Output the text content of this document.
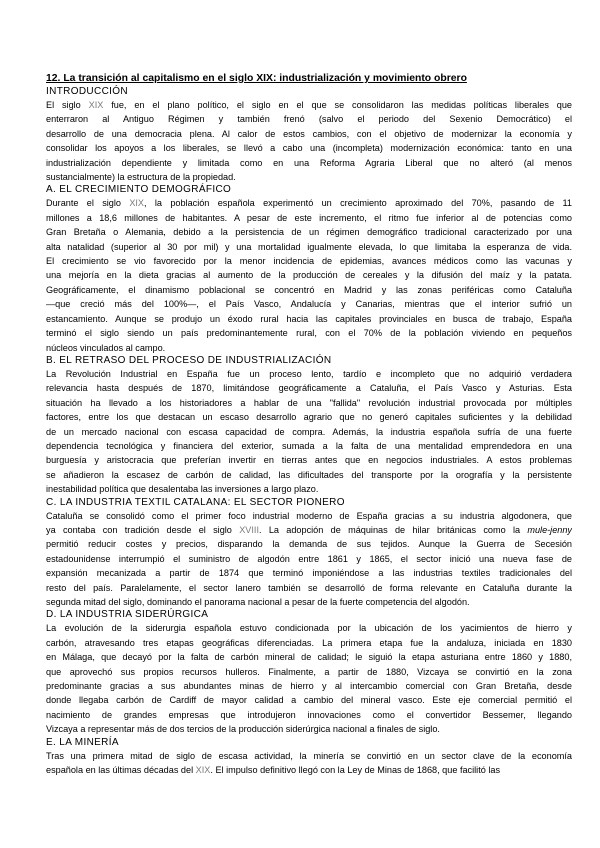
12. La transición al capitalismo en el siglo XIX: industrialización y movimiento obrero
INTRODUCCIÓN
El siglo XIX fue, en el plano político, el siglo en el que se consolidaron las medidas políticas liberales que
enterraron al Antiguo Régimen y también frenó (salvo el periodo del Sexenio Democrático) el
desarrollo de una democracia plena. Al calor de estos cambios, con el objetivo de modernizar la economía y
consolidar los apoyos a los liberales, se llevó a cabo una (incompleta) modernización económica: tanto en una
industrialización dependiente y limitada como en una Reforma Agraria Liberal que no alteró (al menos
sustancialmente) la estructura de la propiedad.
A. EL CRECIMIENTO DEMOGRÁFICO
Durante el siglo XIX, la población española experimentó un crecimiento aproximado del 70%, pasando de 11
millones a 18,6 millones de habitantes. A pesar de este incremento, el ritmo fue inferior al de potencias como
Gran Bretaña o Alemania, debido a la persistencia de un régimen demográfico tradicional caracterizado por una
alta natalidad (superior al 30 por mil) y una mortalidad igualmente elevada, lo que limitaba la esperanza de vida.
El crecimiento se vio favorecido por la menor incidencia de epidemias, avances médicos como las vacunas y
una mejoría en la dieta gracias al aumento de la producción de cereales y la difusión del maíz y la patata.
Geográficamente, el dinamismo poblacional se concentró en Madrid y las zonas periféricas como Cataluña
—que creció más del 100%—, el País Vasco, Andalucía y Canarias, mientras que el interior sufrió un
estancamiento. Aunque se produjo un éxodo rural hacia las capitales provinciales en busca de trabajo, España
terminó el siglo siendo un país predominantemente rural, con el 70% de la población viviendo en pequeños
núcleos vinculados al campo.
B. EL RETRASO DEL PROCESO DE INDUSTRIALIZACIÓN
La Revolución Industrial en España fue un proceso lento, tardío e incompleto que no adquirió verdadera
relevancia hasta después de 1870, limitándose geográficamente a Cataluña, el País Vasco y Asturias. Esta
situación ha llevado a los historiadores a hablar de una "fallida" revolución industrial provocada por múltiples
factores, entre los que destacan un escaso desarrollo agrario que no generó capitales suficientes y la debilidad
de un mercado nacional con escasa capacidad de compra. Además, la industria española sufría de una fuerte
dependencia tecnológica y financiera del exterior, sumada a la falta de una mentalidad emprendedora en una
burguesía y aristocracia que preferían invertir en tierras antes que en negocios industriales. A estos problemas
se añadieron la escasez de carbón de calidad, las dificultades del transporte por la orografía y la persistente
inestabilidad política que desalentaba las inversiones a largo plazo.
C. LA INDUSTRIA TEXTIL CATALANA: EL SECTOR PIONERO
Cataluña se consolidó como el primer foco industrial moderno de España gracias a su industria algodonera, que
ya contaba con tradición desde el siglo XVIII. La adopción de máquinas de hilar británicas como la mule-jenny
permitió reducir costes y precios, disparando la demanda de sus tejidos. Aunque la Guerra de Secesión
estadounidense interrumpió el suministro de algodón entre 1861 y 1865, el sector inició una nueva fase de
expansión mecanizada a partir de 1874 que terminó imponiéndose a las industrias textiles tradicionales del
resto del país. Paralelamente, el sector lanero también se desarrolló de forma relevante en Cataluña durante la
segunda mitad del siglo, dominando el panorama nacional a pesar de la fuerte competencia del algodón.
D. LA INDUSTRIA SIDERÚRGICA
La evolución de la siderurgia española estuvo condicionada por la ubicación de los yacimientos de hierro y
carbón, atravesando tres etapas geográficas diferenciadas. La primera etapa fue la andaluza, iniciada en 1830
en Málaga, que decayó por la falta de carbón mineral de calidad; le siguió la etapa asturiana entre 1860 y 1880,
que aprovechó sus propios recursos hulleros. Finalmente, a partir de 1880, Vizcaya se convirtió en la zona
predominante gracias a sus abundantes minas de hierro y al intercambio comercial con Gran Bretaña, desde
donde llegaba carbón de Cardiff de mayor calidad a cambio del mineral vasco. Este eje comercial permitió el
nacimiento de grandes empresas que introdujeron innovaciones como el convertidor Bessemer, llegando
Vizcaya a representar más de dos tercios de la producción siderúrgica nacional a finales de siglo.
E. LA MINERÍA
Tras una primera mitad de siglo de escasa actividad, la minería se convirtió en un sector clave de la economía
española en las últimas décadas del XIX. El impulso definitivo llegó con la Ley de Minas de 1868, que facilitó las
